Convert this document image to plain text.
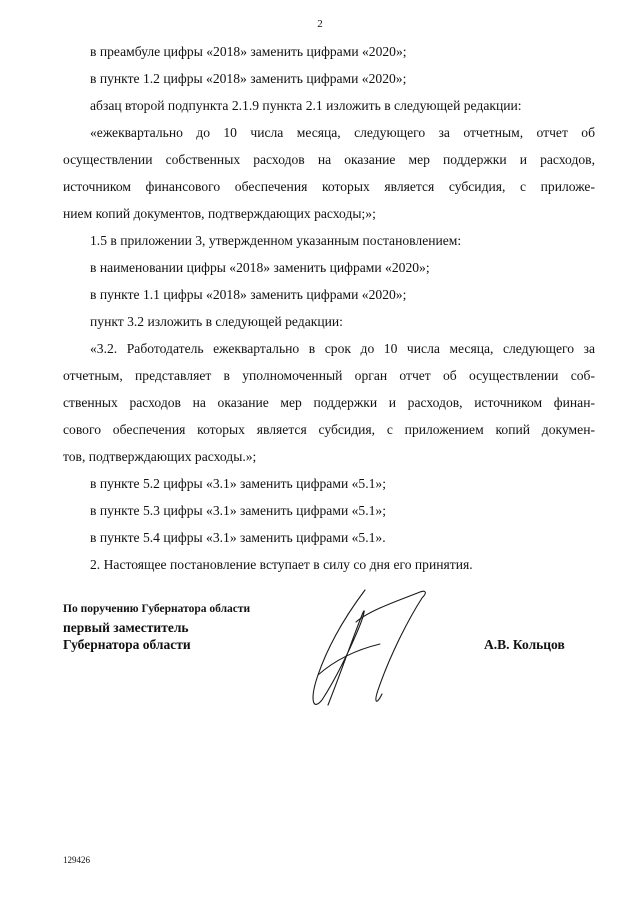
2
в преамбуле цифры «2018» заменить цифрами «2020»;
в пункте 1.2 цифры «2018» заменить цифрами «2020»;
абзац второй подпункта 2.1.9 пункта 2.1 изложить в следующей редакции:
«ежеквартально до 10 числа месяца, следующего за отчетным, отчет об
осуществлении собственных расходов на оказание мер поддержки и расходов,
источником финансового обеспечения которых является субсидия, с приложе-
нием копий документов, подтверждающих расходы;»;
1.5 в приложении 3, утвержденном указанным постановлением:
в наименовании цифры «2018» заменить цифрами «2020»;
в пункте 1.1 цифры «2018» заменить цифрами «2020»;
пункт 3.2 изложить в следующей редакции:
«3.2. Работодатель ежеквартально в срок до 10 числа месяца, следующего за
отчетным, представляет в уполномоченный орган отчет об осуществлении соб-
ственных расходов на оказание мер поддержки и расходов, источником финан-
сового обеспечения которых является субсидия, с приложением копий докумен-
тов, подтверждающих расходы.»;
в пункте 5.2 цифры «3.1» заменить цифрами «5.1»;
в пункте 5.3 цифры «3.1» заменить цифрами «5.1»;
в пункте 5.4 цифры «3.1» заменить цифрами «5.1».
2. Настоящее постановление вступает в силу со дня его принятия.
По поручению Губернатора области
первый заместитель
Губернатора области	А.В. Кольцов
129426
